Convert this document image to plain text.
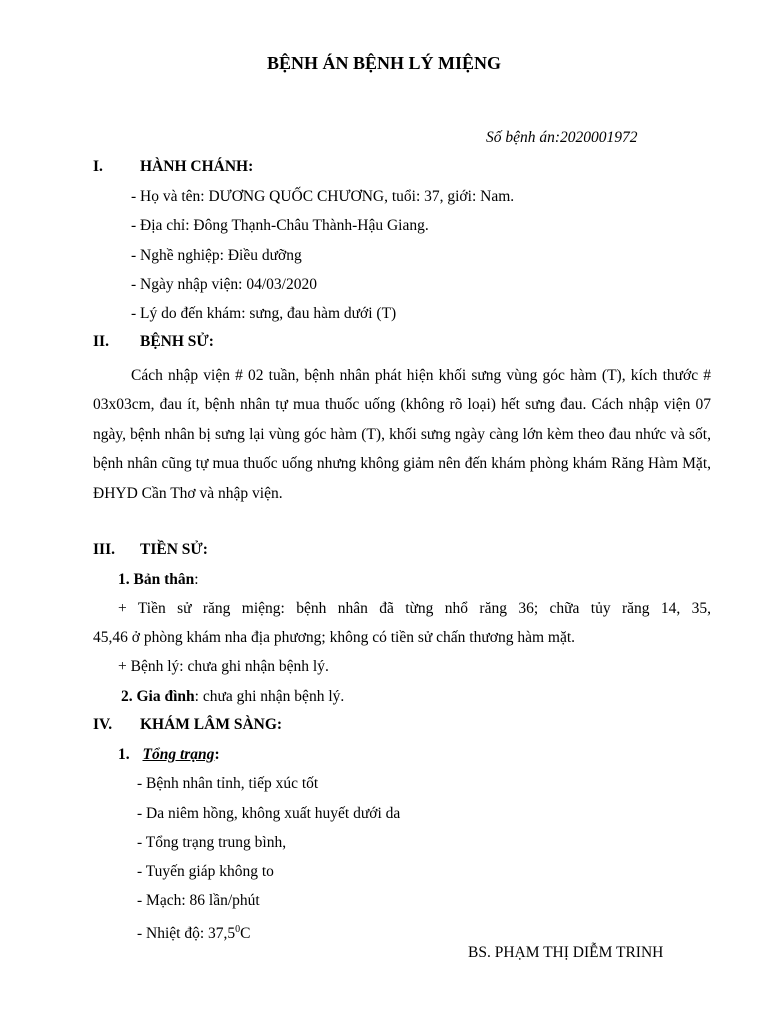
BỆNH ÁN BỆNH LÝ MIỆNG
Số bệnh án:2020001972
I. HÀNH CHÁNH:
- Họ và tên: DƯƠNG QUỐC CHƯƠNG, tuổi: 37, giới: Nam.
- Địa chỉ: Đông Thạnh-Châu Thành-Hậu Giang.
- Nghề nghiệp: Điều dưỡng
- Ngày nhập viện: 04/03/2020
- Lý do đến khám: sưng, đau hàm dưới (T)
II. BỆNH SỬ:

Cách nhập viện # 02 tuần, bệnh nhân phát hiện khối sưng vùng góc hàm (T), kích thước # 03x03cm, đau ít, bệnh nhân tự mua thuốc uống (không rõ loại) hết sưng đau. Cách nhập viện 07 ngày, bệnh nhân bị sưng lại vùng góc hàm (T), khối sưng ngày càng lớn kèm theo đau nhức và sốt, bệnh nhân cũng tự mua thuốc uống nhưng không giảm nên đến khám phòng khám Răng Hàm Mặt, ĐHYD Cần Thơ và nhập viện.

III. TIỀN SỬ:
1. Bản thân:
+ Tiền sử răng miệng: bệnh nhân đã từng nhổ răng 36; chữa tủy răng 14, 35,
45,46 ở phòng khám nha địa phương; không có tiền sử chấn thương hàm mặt.
+ Bệnh lý: chưa ghi nhận bệnh lý.
2. Gia đình: chưa ghi nhận bệnh lý.
IV. KHÁM LÂM SÀNG:
1. Tổng trạng:
- Bệnh nhân tỉnh, tiếp xúc tốt
- Da niêm hồng, không xuất huyết dưới da
- Tổng trạng trung bình,
- Tuyến giáp không to
- Mạch: 86 lần/phút
- Nhiệt độ: 37,5$^0$C
BS. PHẠM THỊ DIỄM TRINH
